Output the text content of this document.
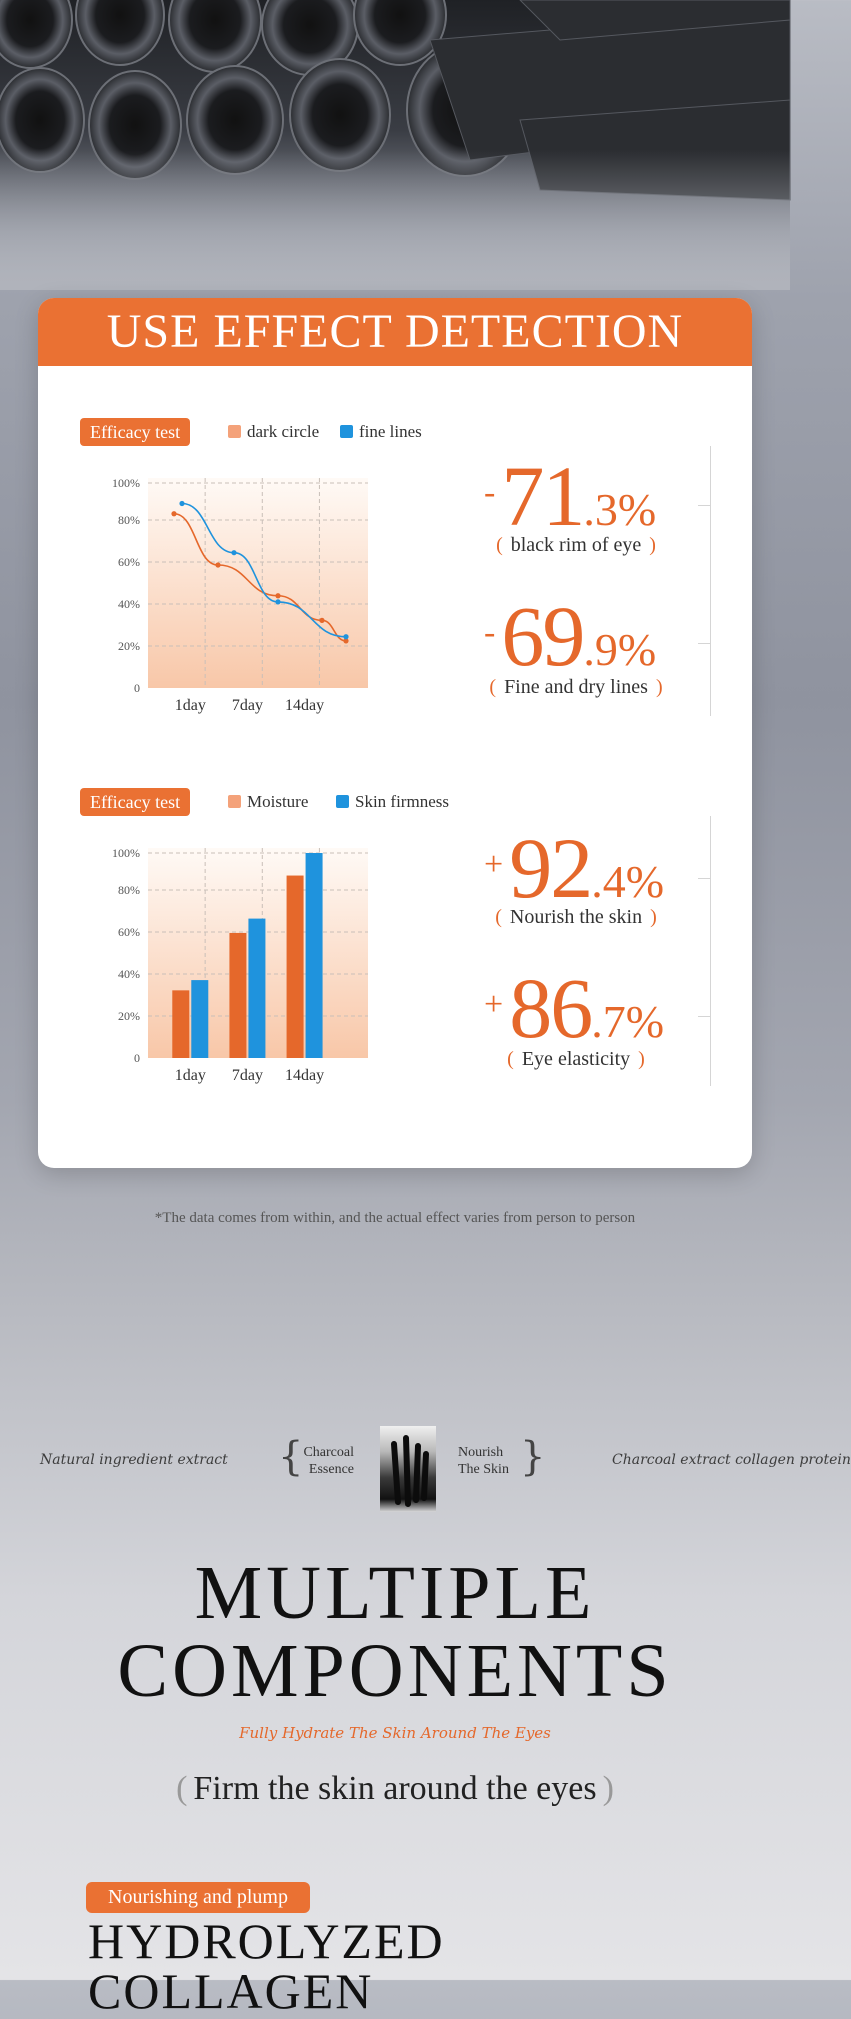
USE EFFECT DETECTION
Efficacy test	dark circle	fine lines
100%
80%
60%
40%
20%
0
1day 7day 14day
-71.3%
( black rim of eye )
-69.9%
( Fine and dry lines )
Efficacy test	Moisture	Skin firmness
100%
80%
60%
40%
20%
0
1day 7day 14day
+92.4%
( Nourish the skin )
+86.7%
( Eye elasticity )
*The data comes from within, and the actual effect varies from person to person
Natural ingredient extract	Charcoal extract collagen protein
{ Charcoal
Essence
Nourish
The Skin }
MULTIPLE
COMPONENTS
Fully Hydrate The Skin Around The Eyes
( Firm the skin around the eyes )
Nourishing and plump
HYDROLYZED
COLLAGEN
